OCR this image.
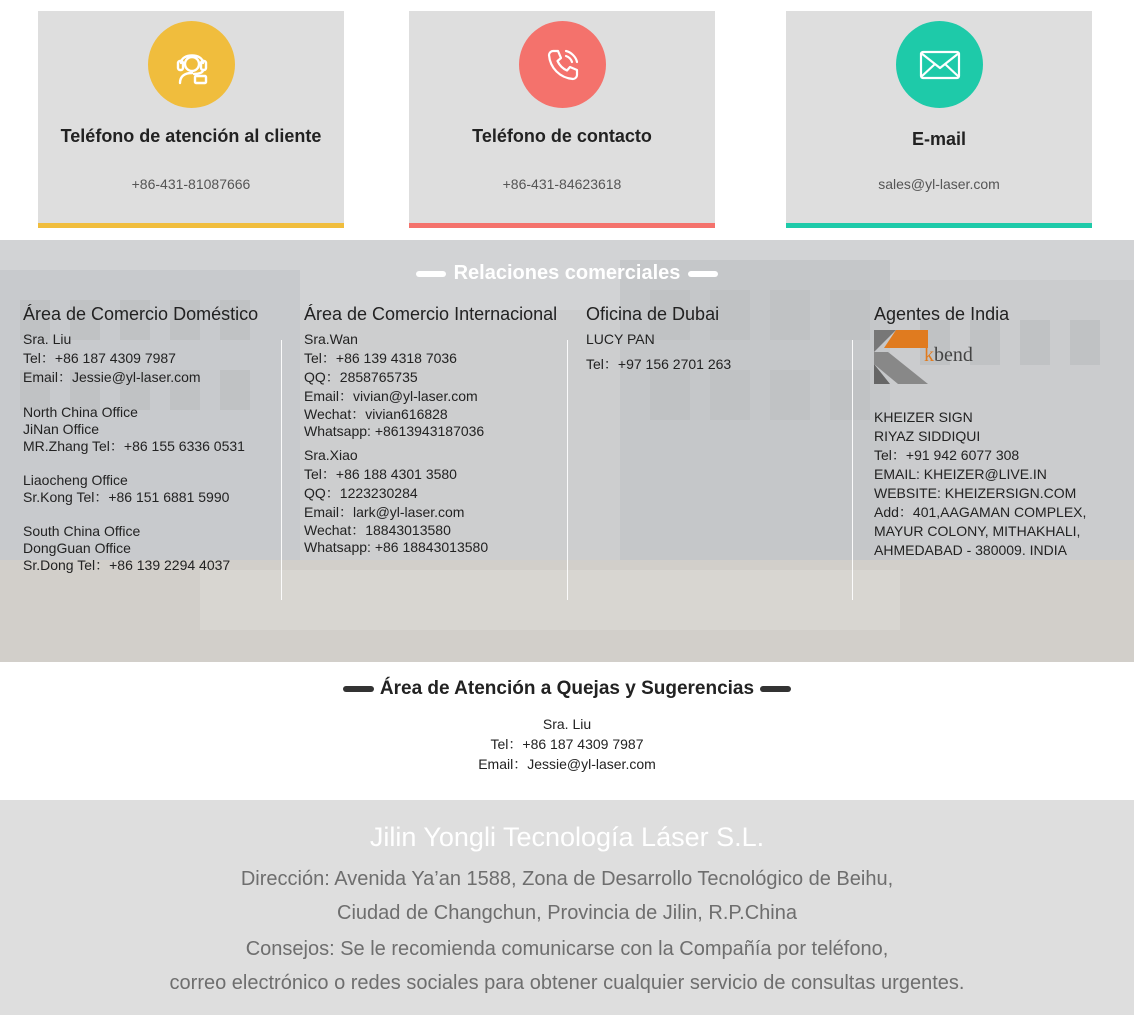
Teléfono de atención al cliente
+86-431-81087666
Teléfono de contacto
+86-431-84623618
E-mail
sales@yl-laser.com
Relaciones comerciales
Área de Comercio Doméstico
Sra. Liu
Tel：+86 187 4309 7987
Email：Jessie@yl-laser.com
North China Office
JiNan Office
MR.Zhang Tel：+86 155 6336 0531
Liaocheng Office
Sr.Kong Tel：+86 151 6881 5990
South China Office
DongGuan Office
Sr.Dong Tel：+86 139 2294 4037
Área de Comercio Internacional
Sra.Wan
Tel：+86 139 4318 7036
QQ：2858765735
Email：vivian@yl-laser.com
Wechat：vivian616828
Whatsapp: +8613943187036
Sra.Xiao
Tel：+86 188 4301 3580
QQ：1223230284
Email：lark@yl-laser.com
Wechat：18843013580
Whatsapp: +86 18843013580
Oficina de Dubai
LUCY PAN
Tel：+97 156 2701 263
Agentes de India
kbend
KHEIZER SIGN
RIYAZ SIDDIQUI
Tel：+91 942 6077 308
EMAIL: KHEIZER@LIVE.IN
WEBSITE: KHEIZERSIGN.COM
Add：401,AAGAMAN COMPLEX,
MAYUR COLONY, MITHAKHALI,
AHMEDABAD - 380009. INDIA
Área de Atención a Quejas y Sugerencias
Sra. Liu
Tel：+86 187 4309 7987
Email：Jessie@yl-laser.com
Jilin Yongli Tecnología Láser S.L.
Dirección: Avenida Ya’an 1588, Zona de Desarrollo Tecnológico de Beihu,
Ciudad de Changchun, Provincia de Jilin, R.P.China
Consejos: Se le recomienda comunicarse con la Compañía por teléfono,
correo electrónico o redes sociales para obtener cualquier servicio de consultas urgentes.
